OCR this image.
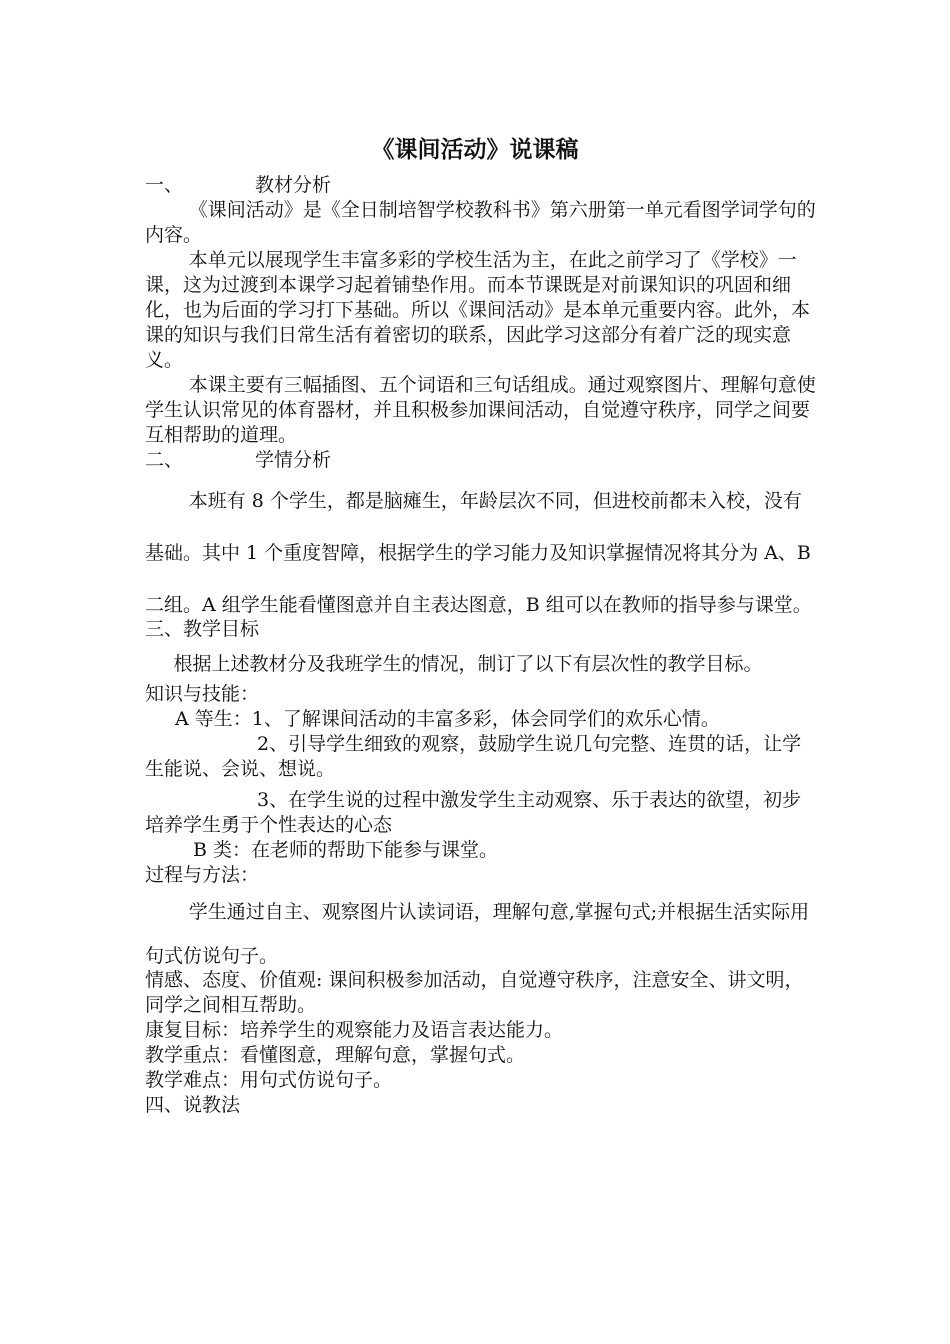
《课间活动》说课稿
一、	教材分析

《课间活动》是《全日制培智学校教科书》第六册第一单元看图学词学句的内容。

本单元以展现学生丰富多彩的学校生活为主，在此之前学习了《学校》一课，这为过渡到本课学习起着铺垫作用。而本节课既是对前课知识的巩固和细化，也为后面的学习打下基础。所以《课间活动》是本单元重要内容。此外，本课的知识与我们日常生活有着密切的联系，因此学习这部分有着广泛的现实意义。

本课主要有三幅插图、五个词语和三句话组成。通过观察图片、理解句意使学生认识常见的体育器材，并且积极参加课间活动，自觉遵守秩序，同学之间要互相帮助的道理。

二、	学情分析

本班有 8 个学生，都是脑瘫生，年龄层次不同，但进校前都未入校，没有基础。其中 1 个重度智障，根据学生的学习能力及知识掌握情况将其分为 A、B 二组。A 组学生能看懂图意并自主表达图意，B 组可以在教师的指导参与课堂。

三、教学目标

根据上述教材分及我班学生的情况，制订了以下有层次性的教学目标。

知识与技能：

A 等生：1、了解课间活动的丰富多彩，体会同学们的欢乐心情。

2、引导学生细致的观察，鼓励学生说几句完整、连贯的话，让学生能说、会说、想说。

3、在学生说的过程中激发学生主动观察、乐于表达的欲望，初步培养学生勇于个性表达的心态

B 类：在老师的帮助下能参与课堂。

过程与方法：

学生通过自主、观察图片认读词语，理解句意,掌握句式;并根据生活实际用句式仿说句子。

情感、态度、价值观: 课间积极参加活动，自觉遵守秩序，注意安全、讲文明，同学之间相互帮助。

康复目标：培养学生的观察能力及语言表达能力。

教学重点：看懂图意，理解句意，掌握句式。

教学难点：用句式仿说句子。

四、说教法
